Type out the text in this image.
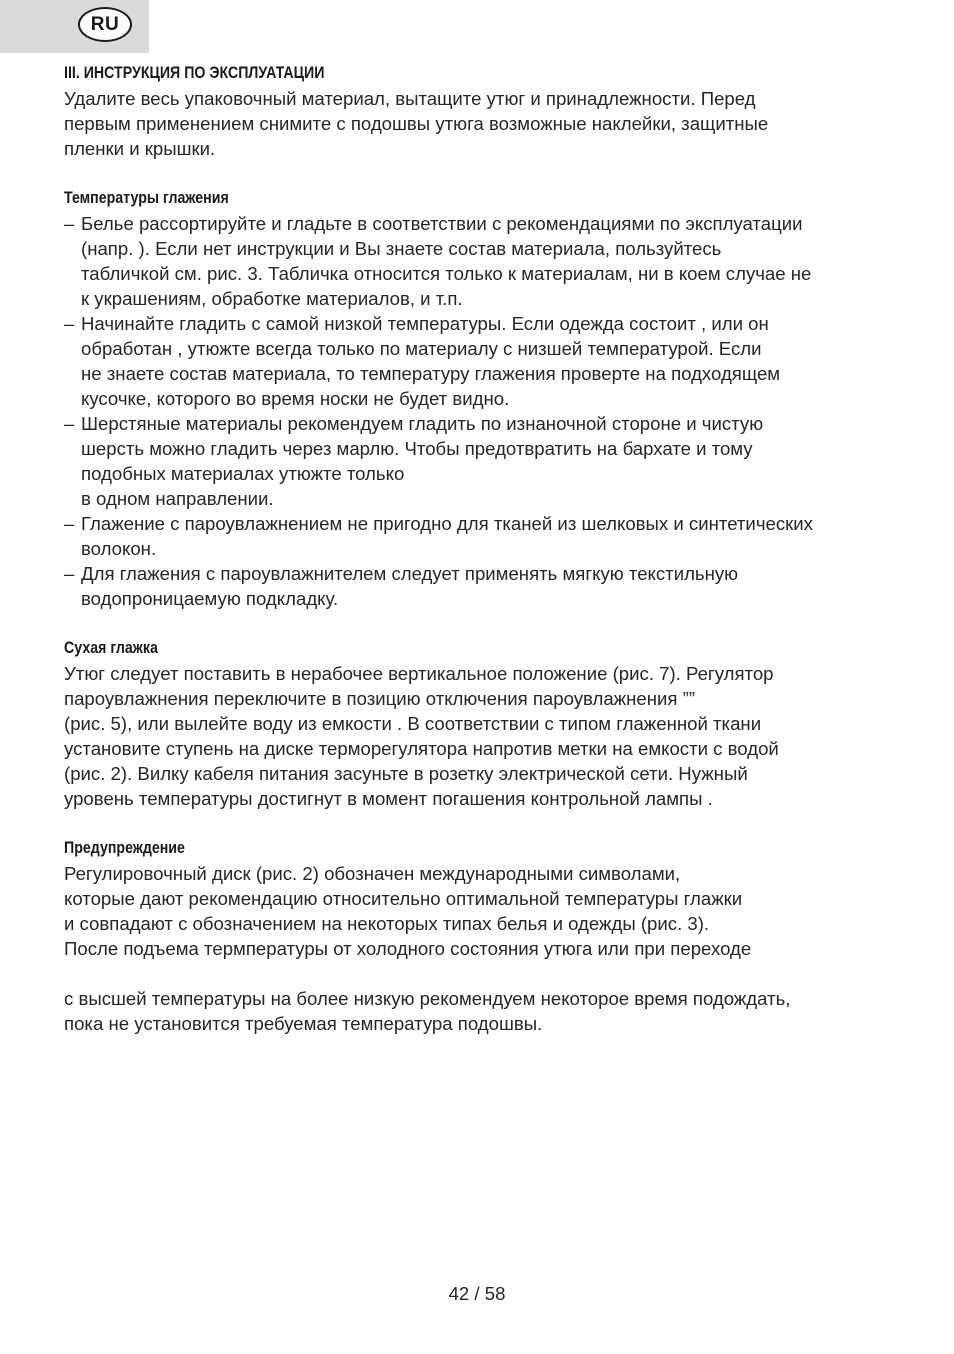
RU
III. ИНСТРУКЦИЯ ПО ЭКСПЛУАТАЦИИ
Удалите весь упаковочный материал, вытащите утюг и принадлежности. Перед
первым применением снимите с подошвы утюга возможные наклейки, защитные
пленки и крышки.
Температуры глажения
– Белье рассортируйте и гладьте в соответствии с рекомендациями по эксплуатации
(напр. ). Если нет инструкции и Вы знаете состав материала, пользуйтесь
табличкой см. рис. 3. Табличка относится только к материалам, ни в коем случае не
к украшениям, обработке материалов, и т.п.
– Начинайте гладить с самой низкой температуры. Если одежда состоит , или он
обработан , утюжте всегда только по материалу с низшей температурой. Если
не знаете состав материала, то температуру глажения проверте на подходящем
кусочке, которого во время носки не будет видно.
– Шерстяные материалы рекомендуем гладить по изнаночной стороне и чистую
шерсть можно гладить через марлю. Чтобы предотвратить на бархате и тому
подобных материалах утюжте только
в одном направлении.
– Глажение с пароувлажнением не пригодно для тканей из шелковых и синтетических
волокон.
– Для глажения с пароувлажнителем следует применять мягкую текстильную
водопроницаемую подкладку.
Сухая глажка
Утюг следует поставить в нерабочее вертикальное положение (рис. 7). Регулятор
пароувлажнения переключите в позицию отключения пароувлажнения ””
(рис. 5), или вылейте воду из емкости . В соответствии с типом глаженной ткани
установите ступень на диске терморегулятора напротив метки на емкости с водой
(рис. 2). Вилку кабеля питания засуньте в розетку электрической сети. Нужный
уровень температуры достигнут в момент погашения контрольной лампы .
Предупреждение
Регулировочный диск (рис. 2) обозначен международными символами,
которые дают рекомендацию относительно оптимальной температуры глажки
и совпадают с обозначением на некоторых типах белья и одежды (рис. 3).
После подъема термпературы от холодного состояния утюга или при переходе
с высшей температуры на более низкую рекомендуем некоторое время подождать,
пока не установится требуемая температура подошвы.
42 / 58
